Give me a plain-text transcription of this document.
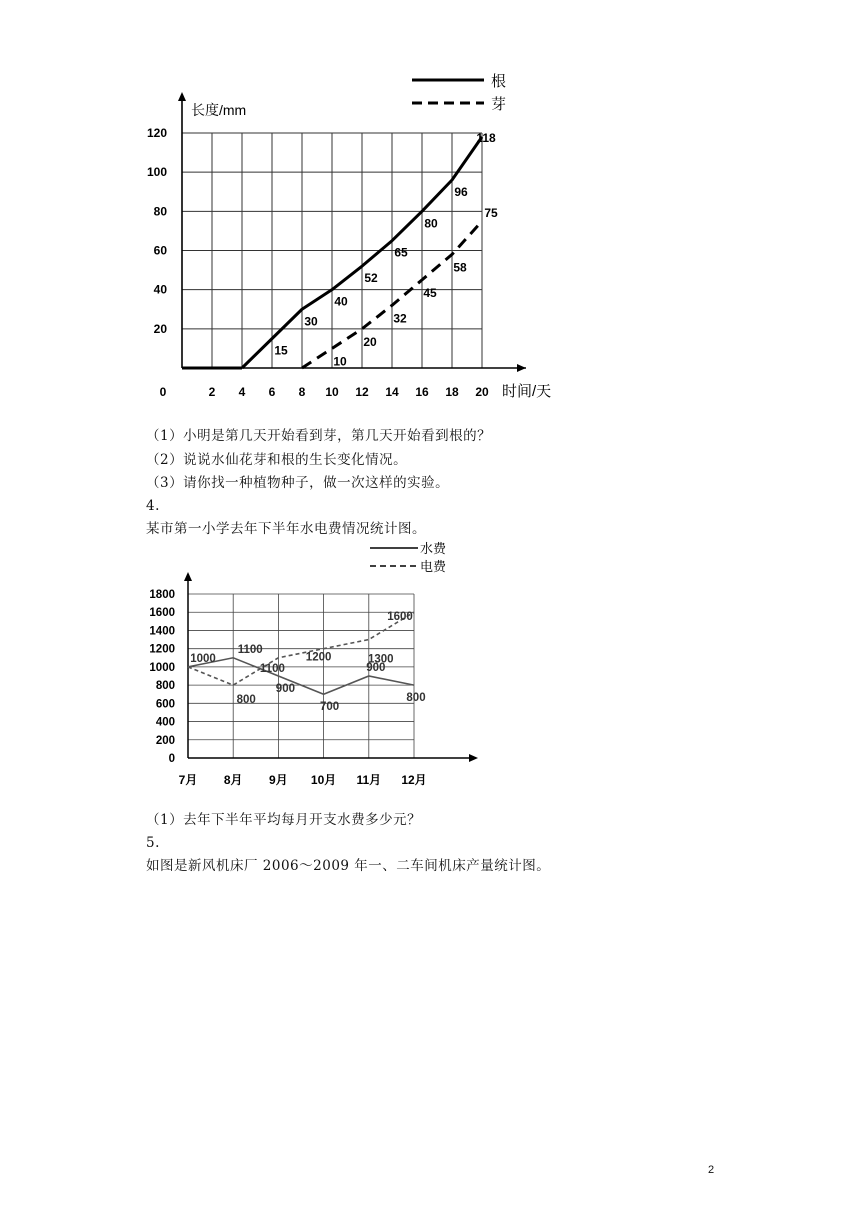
0	2 4 6 8 10 12 14 16 18 20
20
40
60
80
100
120
长度/mm
时间/天
根
芽
15
30
40
52
65
80
96
118
10
20
32
45
58
75
（1）小明是第几天开始看到芽，第几天开始看到根的？
（2）说说水仙花芽和根的生长变化情况。
（3）请你找一种植物种子，做一次这样的实验。
4.
某市第一小学去年下半年水电费情况统计图。
0
200
400
600
800
1000
1200
1400
1600
1800
7月 8月 9月 10月 11月 12月
水费
电费
1000
1100
900
700
900
800
800
1100
1200	1300
1600
（1）去年下半年平均每月开支水费多少元？
5.
如图是新风机床厂 2006～2009 年一、二车间机床产量统计图。
2
